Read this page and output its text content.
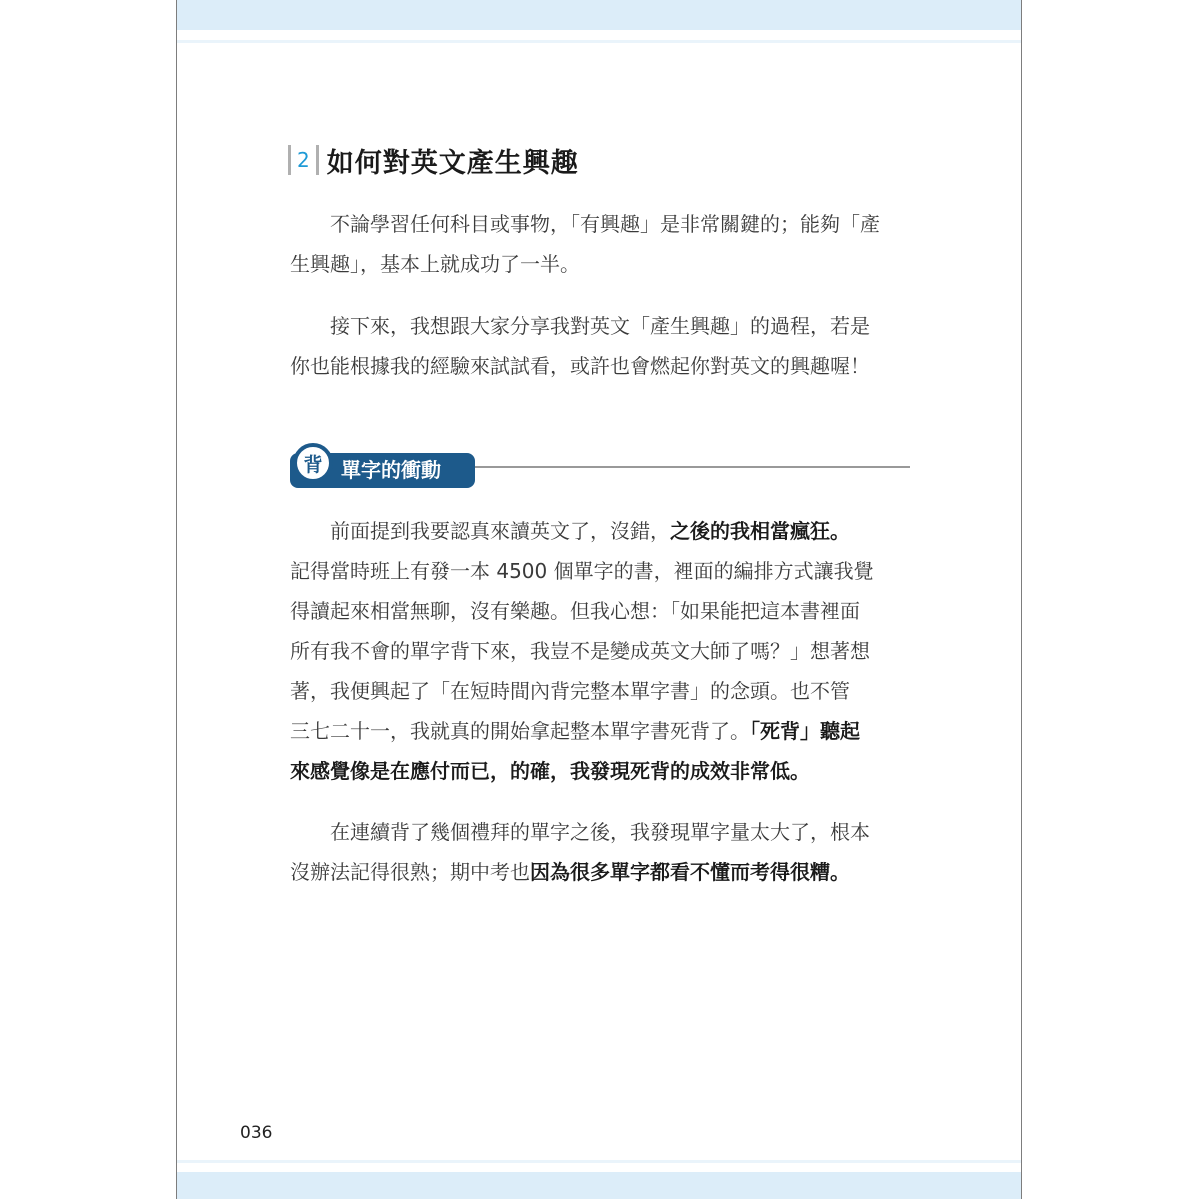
2 如何對英文產生興趣

不論學習任何科目或事物，「有興趣」是非常關鍵的；能夠「產
生興趣」，基本上就成功了一半。

接下來，我想跟大家分享我對英文「產生興趣」的過程，若是
你也能根據我的經驗來試試看，或許也會燃起你對英文的興趣喔！

背 單字的衝動

前面提到我要認真來讀英文了，沒錯，之後的我相當瘋狂。
記得當時班上有發一本 4500 個單字的書，裡面的編排方式讓我覺
得讀起來相當無聊，沒有樂趣。但我心想：「如果能把這本書裡面
所有我不會的單字背下來，我豈不是變成英文大師了嗎？」想著想
著，我便興起了「在短時間內背完整本單字書」的念頭。也不管
三七二十一，我就真的開始拿起整本單字書死背了。「死背」聽起
來感覺像是在應付而已，的確，我發現死背的成效非常低。

在連續背了幾個禮拜的單字之後，我發現單字量太大了，根本
沒辦法記得很熟；期中考也因為很多單字都看不懂而考得很糟。

036
